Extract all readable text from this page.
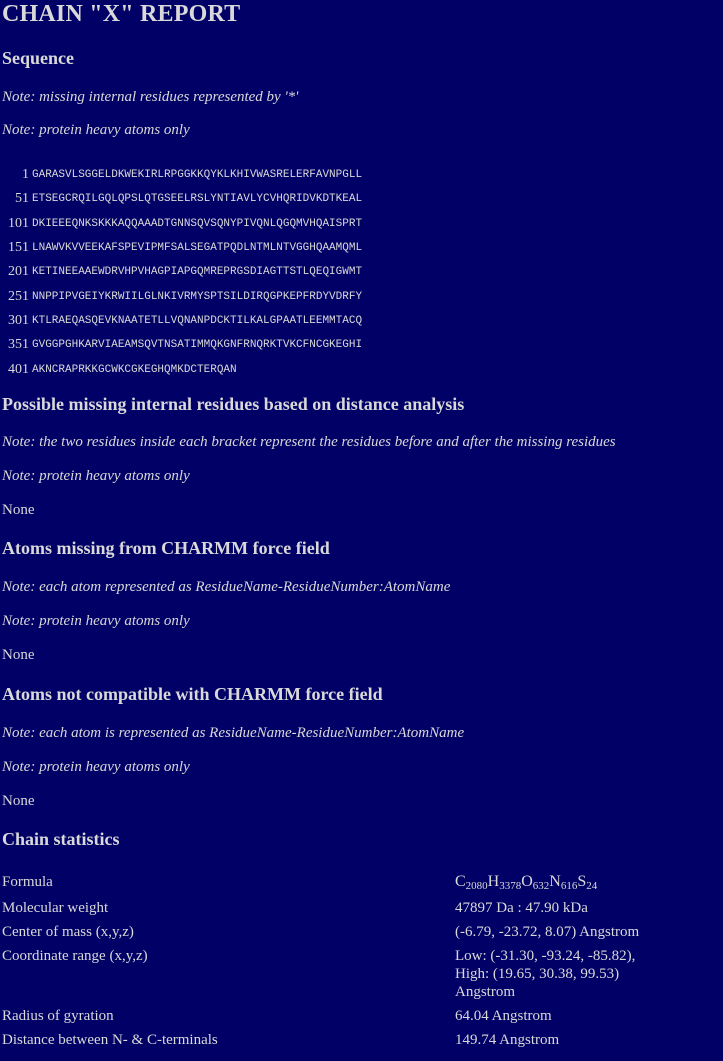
CHAIN "X" REPORT
Sequence
Note: missing internal residues represented by '*'
Note: protein heavy atoms only
1 GARASVLSGGELDKWEKIRLRPGGKKQYKLKHIVWASRELERFAVNPGLL
51 ETSEGCRQILGQLQPSLQTGSEELRSLYNTIAVLYCVHQRIDVKDTKEAL
101 DKIEEEQNKSKKKAQQAAADTGNNSQVSQNYPIVQNLQGQMVHQAISPRT
151 LNAWVKVVEEKAFSPEVIPMFSALSEGATPQDLNTMLNTVGGHQAAMQML
201 KETINEEAAEWDRVHPVHAGPIAPGQMREPRGSDIAGTTSTLQEQIGWMT
251 NNPPIPVGEIYKRWIILGLNKIVRMYSPTSILDIRQGPKEPFRDYVDRFY
301 KTLRAEQASQEVKNAATETLLVQNANPDCKTILKALGPAATLEEMMTACQ
351 GVGGPGHKARVIAEAMSQVTNSATIMMQKGNFRNQRKTVKCFNCGKEGHI
401 AKNCRAPRKKGCWKCGKEGHQMKDCTERQAN
Possible missing internal residues based on distance analysis
Note: the two residues inside each bracket represent the residues before and after the missing residues
Note: protein heavy atoms only
None
Atoms missing from CHARMM force field
Note: each atom represented as ResidueName-ResidueNumber:AtomName
Note: protein heavy atoms only
None
Atoms not compatible with CHARMM force field
Note: each atom is represented as ResidueName-ResidueNumber:AtomName
Note: protein heavy atoms only
None
Chain statistics
Formula	$C_{2080}H_{3378}O_{632}N_{616}S_{24}$
Molecular weight	47897 Da : 47.90 kDa
Center of mass (x,y,z)	(-6.79, -23.72, 8.07) Angstrom
Coordinate range (x,y,z)	Low: (-31.30, -93.24, -85.82),
High: (19.65, 30.38, 99.53)
Angstrom
Radius of gyration	64.04 Angstrom
Distance between N- & C-terminals	149.74 Angstrom
